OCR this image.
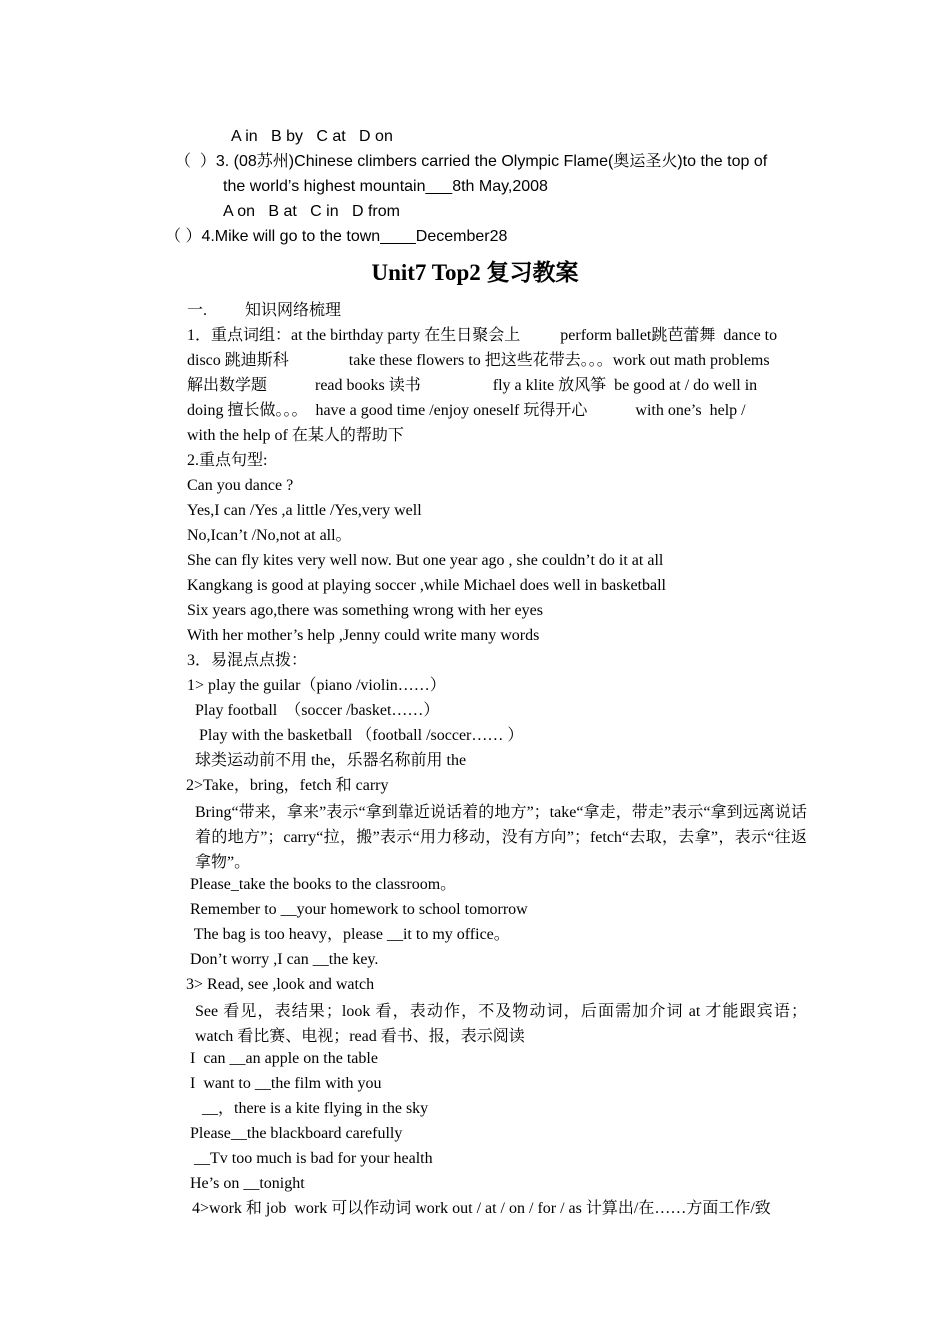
A in   B by   C at   D on
（  ）3. (08苏州)Chinese climbers carried the Olympic Flame(奥运圣火)to the top of
the world’s highest mountain___8th May,2008
A on   B at   C in   D from
（ ）4.Mike will go to the town____December28
Unit7 Top2 复习教案
一. 知识网络梳理
1．重点词组：at the birthday party 在生日聚会上          perform ballet跳芭蕾舞  dance to
disco 跳迪斯科               take these flowers to 把这些花带去。。。work out math problems
解出数学题            read books 读书                  fly a klite 放风筝  be good at / do well in
doing 擅长做。。。  have a good time /enjoy oneself 玩得开心            with one’s  help /
with the help of 在某人的帮助下
2.重点句型:
Can you dance ?
Yes,I can /Yes ,a little /Yes,very well
No,Ican’t /No,not at all。
She can fly kites very well now. But one year ago , she couldn’t do it at all
Kangkang is good at playing soccer ,while Michael does well in basketball
Six years ago,there was something wrong with her eyes
With her mother’s help ,Jenny could write many words
3．易混点点拨：
1> play the guilar（piano /violin……）
Play football  （soccer /basket……）
Play with the basketball （football /soccer…… ）
球类运动前不用 the，乐器名称前用 the
2>Take，bring，fetch 和 carry
Bring“带来，拿来”表示“拿到靠近说话着的地方”；take“拿走，带走”表示“拿到远离说话着的地方”；carry“拉，搬”表示“用力移动，没有方向”；fetch“去取，去拿”，表示“往返拿物”。
Please_take the books to the classroom。
Remember to __your homework to school tomorrow
The bag is too heavy，please __it to my office。
Don’t worry ,I can __the key.
3> Read, see ,look and watch
See 看见，表结果；look 看，表动作，不及物动词，后面需加介词 at 才能跟宾语；watch 看比赛、电视；read 看书、报，表示阅读
I  can __an apple on the table
I  want to __the film with you
__，there is a kite flying in the sky
Please__the blackboard carefully
__Tv too much is bad for your health
He’s on __tonight
4>work 和 job  work 可以作动词 work out / at / on / for / as 计算出/在……方面工作/致
